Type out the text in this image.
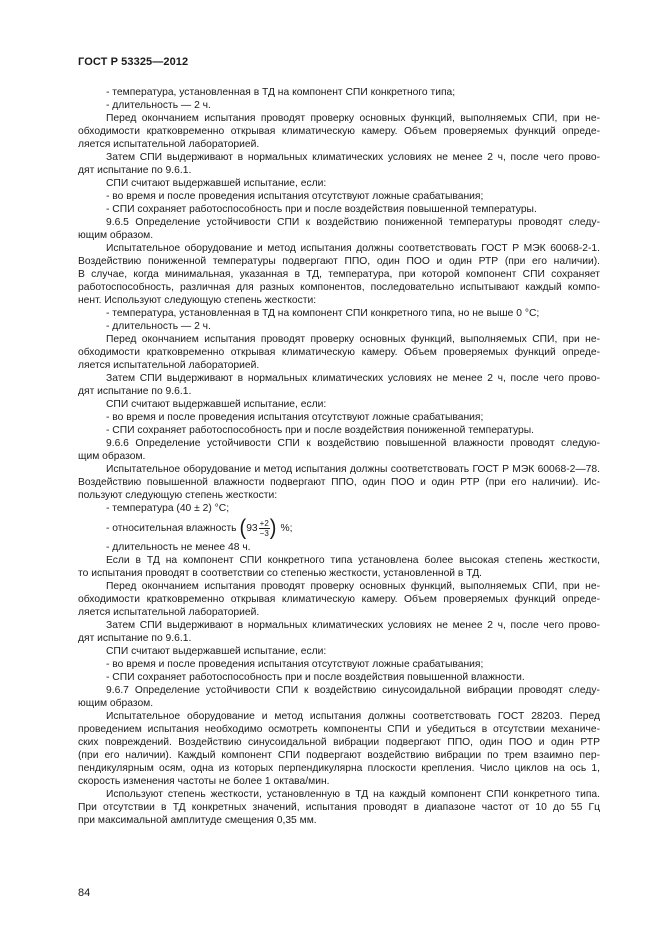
ГОСТ Р 53325—2012
- температура, установленная в ТД на компонент СПИ конкретного типа;
- длительность — 2 ч.
Перед окончанием испытания проводят проверку основных функций, выполняемых СПИ, при не-
обходимости кратковременно открывая климатическую камеру. Объем проверяемых функций опреде-
ляется испытательной лабораторией.
Затем СПИ выдерживают в нормальных климатических условиях не менее 2 ч, после чего прово-
дят испытание по 9.6.1.
СПИ считают выдержавшей испытание, если:
- во время и после проведения испытания отсутствуют ложные срабатывания;
- СПИ сохраняет работоспособность при и после воздействия повышенной температуры.
9.6.5 Определение устойчивости СПИ к воздействию пониженной температуры проводят следу-
ющим образом.
Испытательное оборудование и метод испытания должны соответствовать ГОСТ Р МЭК 60068-2-1.
Воздействию пониженной температуры подвергают ППО, один ПОО и один РТР (при его наличии).
В случае, когда минимальная, указанная в ТД, температура, при которой компонент СПИ сохраняет
работоспособность, различная для разных компонентов, последовательно испытывают каждый компо-
нент. Используют следующую степень жесткости:
- температура, установленная в ТД на компонент СПИ конкретного типа, но не выше 0 °С;
- длительность — 2 ч.
Перед окончанием испытания проводят проверку основных функций, выполняемых СПИ, при не-
обходимости кратковременно открывая климатическую камеру. Объем проверяемых функций опреде-
ляется испытательной лабораторией.
Затем СПИ выдерживают в нормальных климатических условиях не менее 2 ч, после чего прово-
дят испытание по 9.6.1.
СПИ считают выдержавшей испытание, если:
- во время и после проведения испытания отсутствуют ложные срабатывания;
- СПИ сохраняет работоспособность при и после воздействия пониженной температуры.
9.6.6 Определение устойчивости СПИ к воздействию повышенной влажности проводят следую-
щим образом.
Испытательное оборудование и метод испытания должны соответствовать ГОСТ Р МЭК 60068-2—78.
Воздействию повышенной влажности подвергают ППО, один ПОО и один РТР (при его наличии). Ис-
пользуют следующую степень жесткости:
- температура (40 ± 2) °С;
- относительная влажность ( $93 \frac{+2}{-3}$ ) %;
- длительность не менее 48 ч.
Если в ТД на компонент СПИ конкретного типа установлена более высокая степень жесткости,
то испытания проводят в соответствии со степенью жесткости, установленной в ТД.
Перед окончанием испытания проводят проверку основных функций, выполняемых СПИ, при не-
обходимости кратковременно открывая климатическую камеру. Объем проверяемых функций опреде-
ляется испытательной лабораторией.
Затем СПИ выдерживают в нормальных климатических условиях не менее 2 ч, после чего прово-
дят испытание по 9.6.1.
СПИ считают выдержавшей испытание, если:
- во время и после проведения испытания отсутствуют ложные срабатывания;
- СПИ сохраняет работоспособность при и после воздействия повышенной влажности.
9.6.7 Определение устойчивости СПИ к воздействию синусоидальной вибрации проводят следу-
ющим образом.
Испытательное оборудование и метод испытания должны соответствовать ГОСТ 28203. Перед
проведением испытания необходимо осмотреть компоненты СПИ и убедиться в отсутствии механиче-
ских повреждений. Воздействию синусоидальной вибрации подвергают ППО, один ПОО и один РТР
(при его наличии). Каждый компонент СПИ подвергают воздействию вибрации по трем взаимно пер-
пендикулярным осям, одна из которых перпендикулярна плоскости крепления. Число циклов на ось 1,
скорость изменения частоты не более 1 октава/мин.
Используют степень жесткости, установленную в ТД на каждый компонент СПИ конкретного типа.
При отсутствии в ТД конкретных значений, испытания проводят в диапазоне частот от 10 до 55 Гц
при максимальной амплитуде смещения 0,35 мм.
84
